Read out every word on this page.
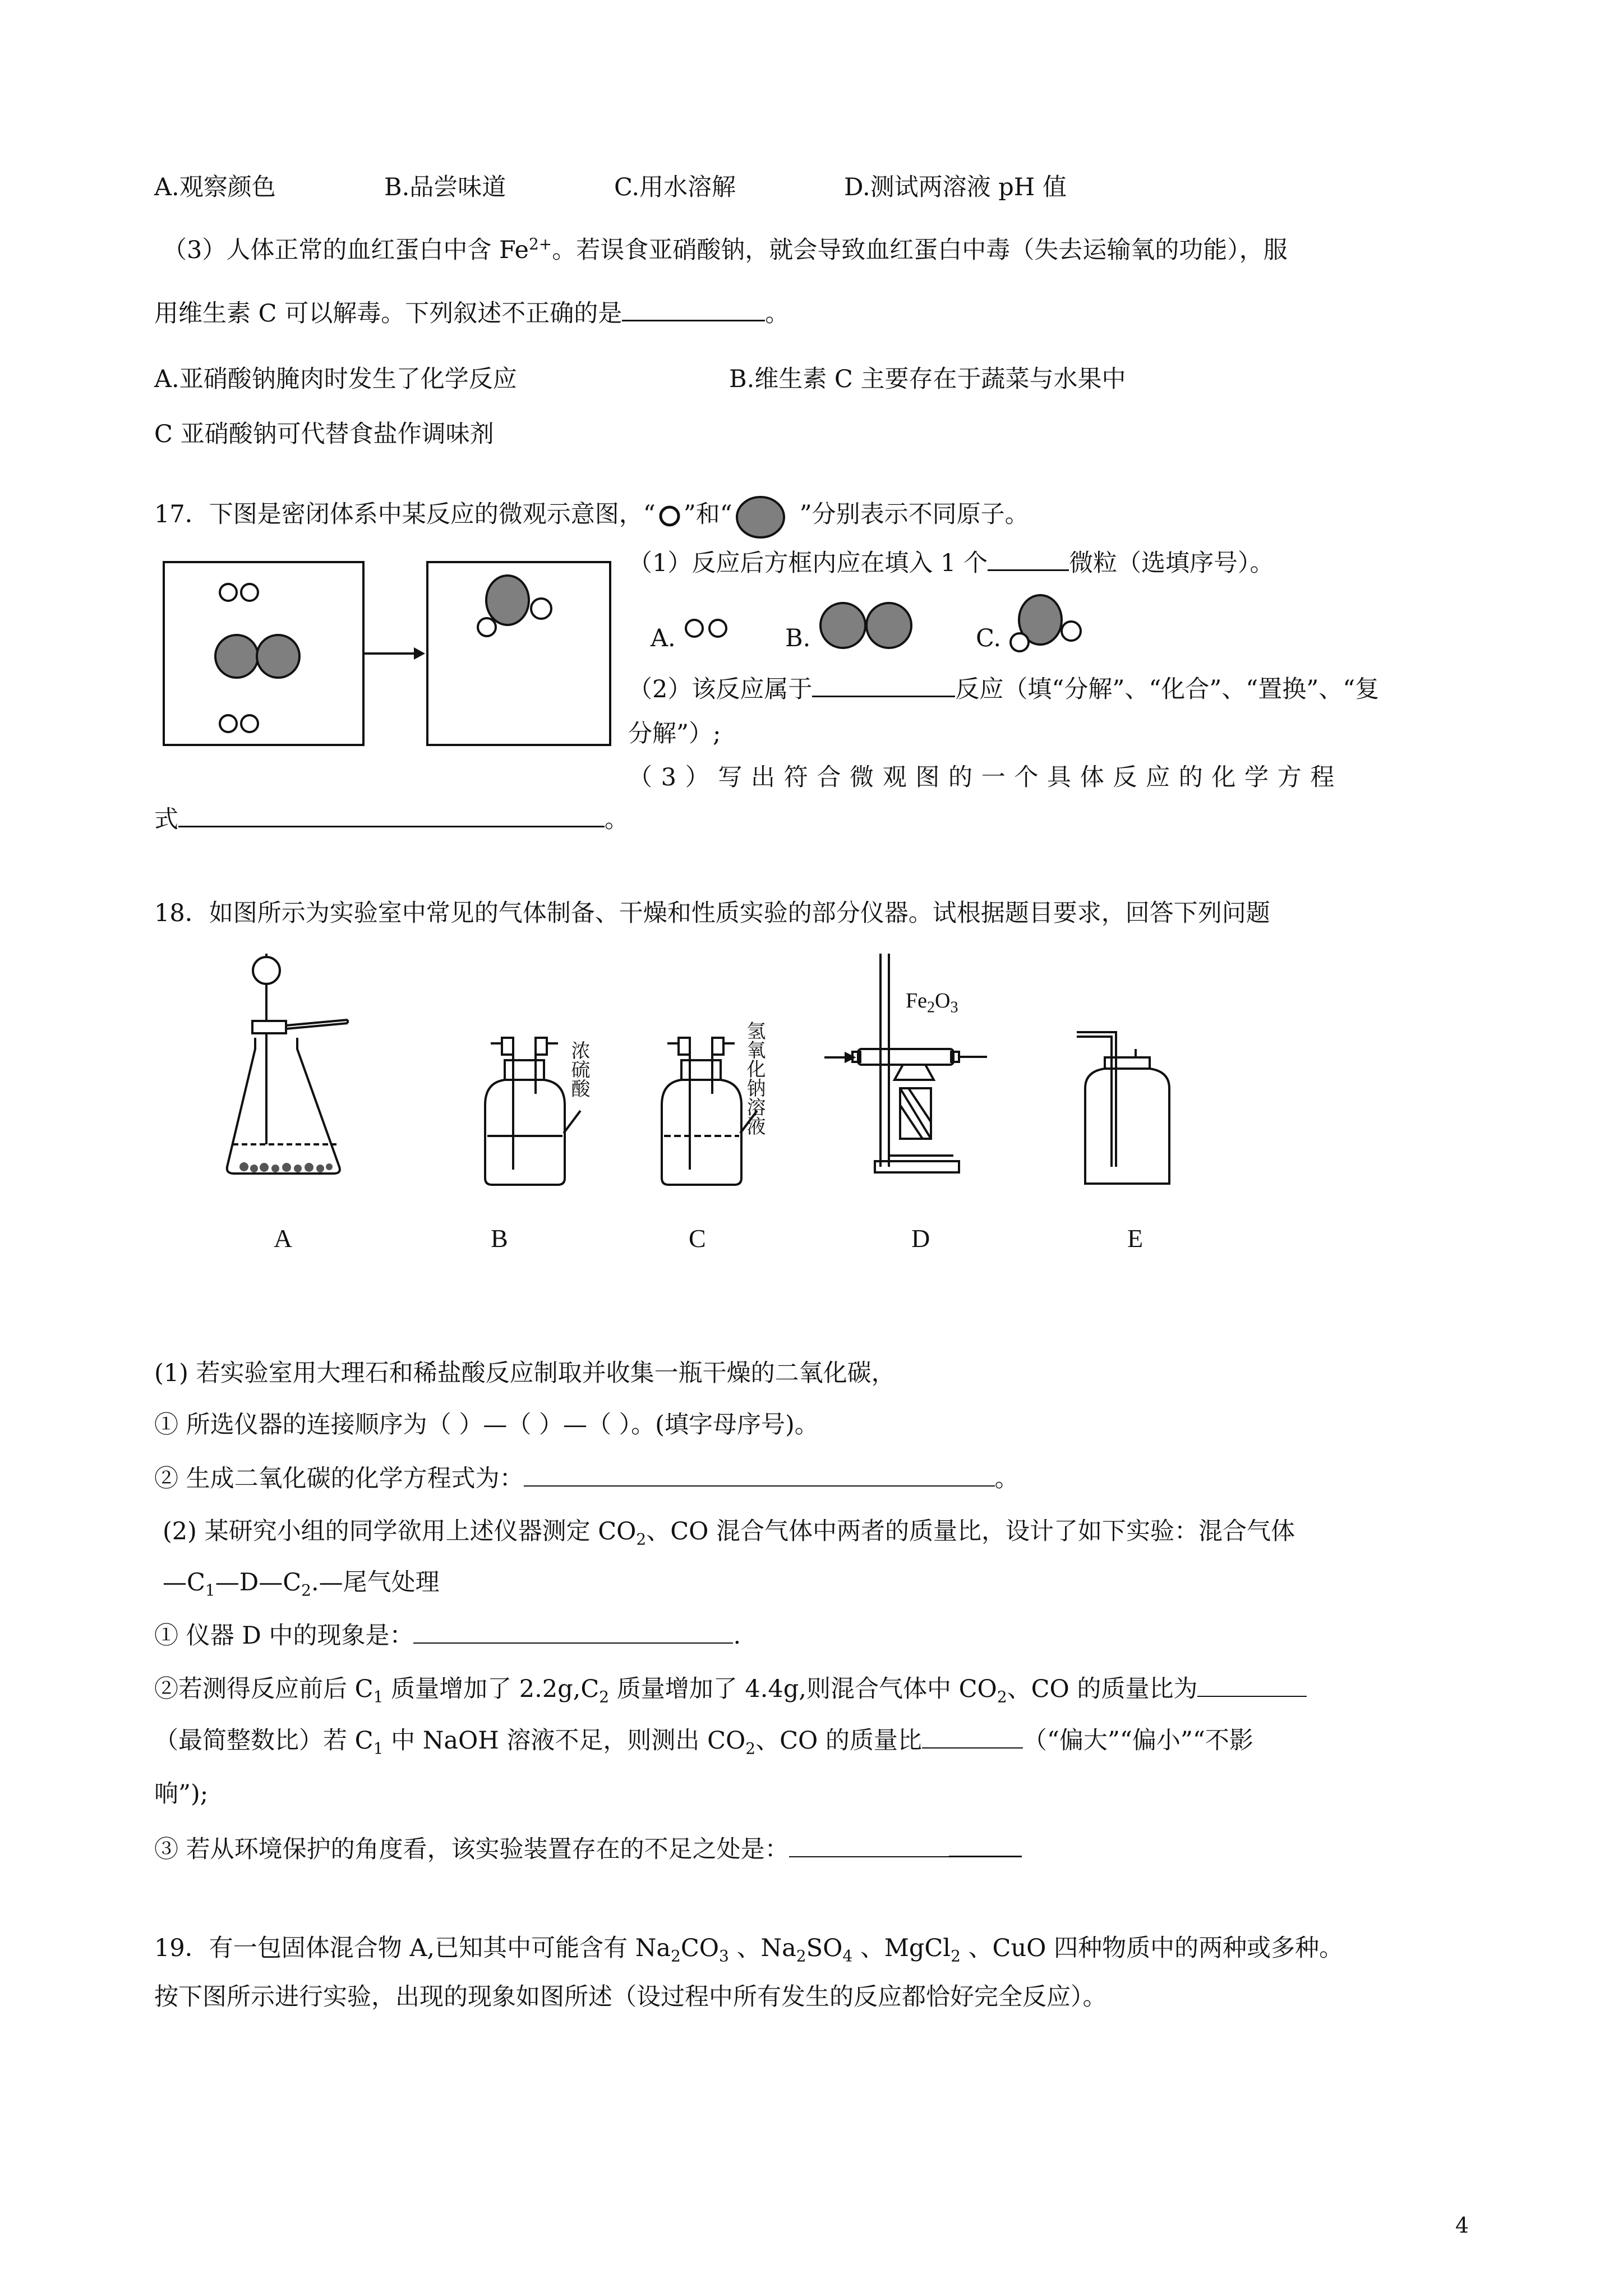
A.观察颜色	B.品尝味道	C.用水溶解	D.测试两溶液 pH 值
（3）人体正常的血红蛋白中含 $Fe^{2+}$。若误食亚硝酸钠，就会导致血红蛋白中毒（失去运输氧的功能），服
用维生素 C 可以解毒。下列叙述不正确的是	。
A.亚硝酸钠腌肉时发生了化学反应	B.维生素 C 主要存在于蔬菜与水果中
C 亚硝酸钠可代替食盐作调味剂
17．下图是密闭体系中某反应的微观示意图，“ ”和“	”分别表示不同原子。
（1）反应后方框内应在填入 1 个	微粒（选填序号）。
A.	B.	C.
（2）该反应属于	反应（填“分解”、“化合”、“置换”、“复
分解”）;
（ 3 ） 写 出 符 合 微 观 图 的 一 个 具 体 反 应 的 化 学 方 程
式	。
18．如图所示为实验室中常见的气体制备、干燥和性质实验的部分仪器。试根据题目要求，回答下列问题
浓硫酸	氢氧化钠溶液
$Fe_2O_3$
A	B	C	D	E
(1) 若实验室用大理石和稀盐酸反应制取并收集一瓶干燥的二氧化碳，
① 所选仪器的连接顺序为（ ）—（ ）—（ ）。(填字母序号)。
② 生成二氧化碳的化学方程式为：	。
(2) 某研究小组的同学欲用上述仪器测定 $CO_2$、CO 混合气体中两者的质量比，设计了如下实验：混合气体
$—C_1—D—C_2.—$尾气处理
① 仪器 D 中的现象是：	.
②若测得反应前后 $C_1$ 质量增加了 $2.2g,C_2$ 质量增加了 4.4g,则混合气体中 $CO_2$、CO 的质量比为
（最简整数比）若 $C_1$ 中 NaOH 溶液不足，则测出 $CO_2$、CO 的质量比	（“偏大”“偏小”“不影
响”);
③ 若从环境保护的角度看，该实验装置存在的不足之处是：
19．有一包固体混合物 A,已知其中可能含有 $Na_2CO_3$ 、$Na_2SO_4$ 、MgCl$_2$ 、CuO 四种物质中的两种或多种。
按下图所示进行实验，出现的现象如图所述（设过程中所有发生的反应都恰好完全反应）。
4
